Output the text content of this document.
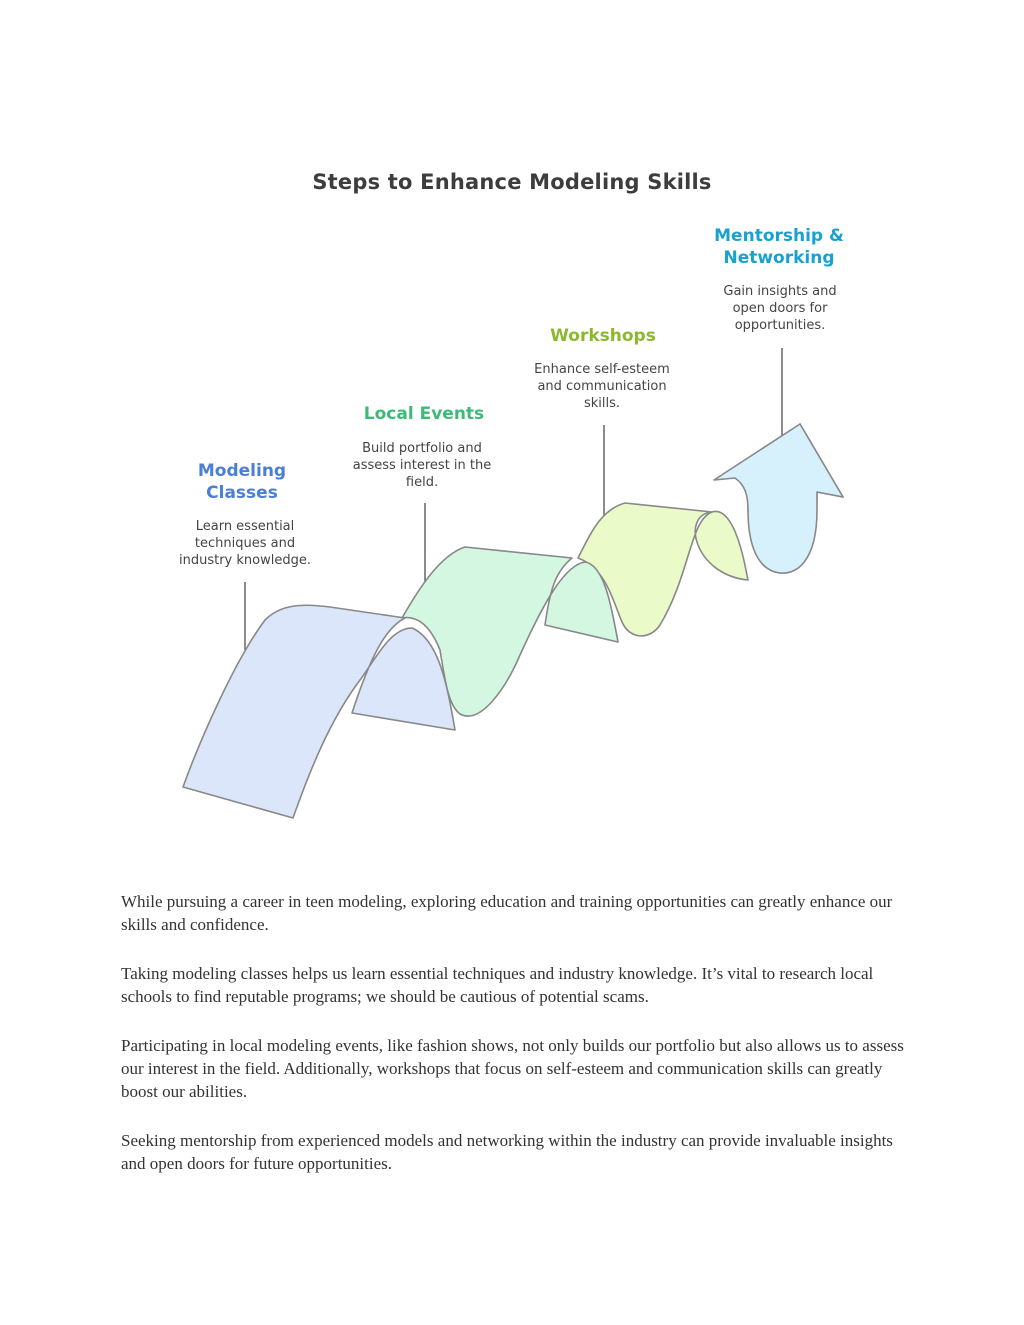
Steps to Enhance Modeling Skills
Modeling Classes
Learn essential techniques and industry knowledge.
Local Events
Build portfolio and assess interest in the field.
Workshops
Enhance self-esteem and communication skills.
Mentorship & Networking
Gain insights and open doors for opportunities.

While pursuing a career in teen modeling, exploring education and training opportunities can greatly enhance our skills and confidence.

Taking modeling classes helps us learn essential techniques and industry knowledge. It’s vital to research local schools to find reputable programs; we should be cautious of potential scams.

Participating in local modeling events, like fashion shows, not only builds our portfolio but also allows us to assess our interest in the field. Additionally, workshops that focus on self-esteem and communication skills can greatly boost our abilities.

Seeking mentorship from experienced models and networking within the industry can provide invaluable insights and open doors for future opportunities.
